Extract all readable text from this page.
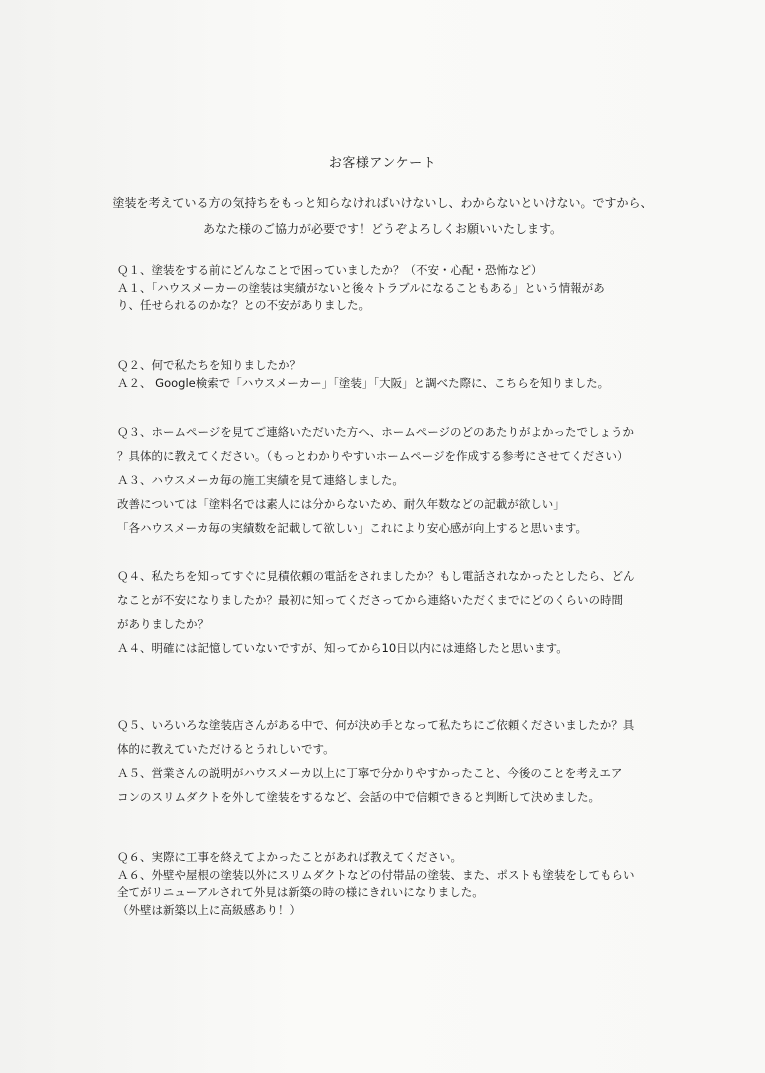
お客様アンケート
塗装を考えている方の気持ちをもっと知らなければいけないし、わからないといけない。ですから、
あなた様のご協力が必要です！どうぞよろしくお願いいたします。

Ｑ１、塗装をする前にどんなことで困っていましたか？（不安・心配・恐怖など）

Ａ１、「ハウスメーカーの塗装は実績がないと後々トラブルになることもある」という情報があ

り、任せられるのかな？との不安がありました。

Ｑ２、何で私たちを知りましたか？

Ａ２、 Google検索で「ハウスメーカー」「塗装」「大阪」と調べた際に、こちらを知りました。

Ｑ３、ホームページを見てご連絡いただいた方へ、ホームページのどのあたりがよかったでしょうか

？具体的に教えてください。（もっとわかりやすいホームページを作成する参考にさせてください）

Ａ３、ハウスメーカ毎の施工実績を見て連絡しました。

改善については「塗料名では素人には分からないため、耐久年数などの記載が欲しい」

「各ハウスメーカ毎の実績数を記載して欲しい」これにより安心感が向上すると思います。

Ｑ４、私たちを知ってすぐに見積依頼の電話をされましたか？もし電話されなかったとしたら、どん

なことが不安になりましたか？最初に知ってくださってから連絡いただくまでにどのくらいの時間

がありましたか？

Ａ４、明確には記憶していないですが、知ってから10日以内には連絡したと思います。

Ｑ５、いろいろな塗装店さんがある中で、何が決め手となって私たちにご依頼くださいましたか？具

体的に教えていただけるとうれしいです。

Ａ５、営業さんの説明がハウスメーカ以上に丁寧で分かりやすかったこと、今後のことを考えエア

コンのスリムダクトを外して塗装をするなど、会話の中で信頼できると判断して決めました。

Ｑ６、実際に工事を終えてよかったことがあれば教えてください。

Ａ６、外壁や屋根の塗装以外にスリムダクトなどの付帯品の塗装、また、ポストも塗装をしてもらい

全てがリニューアルされて外見は新築の時の様にきれいになりました。

（外壁は新築以上に高級感あり！）
